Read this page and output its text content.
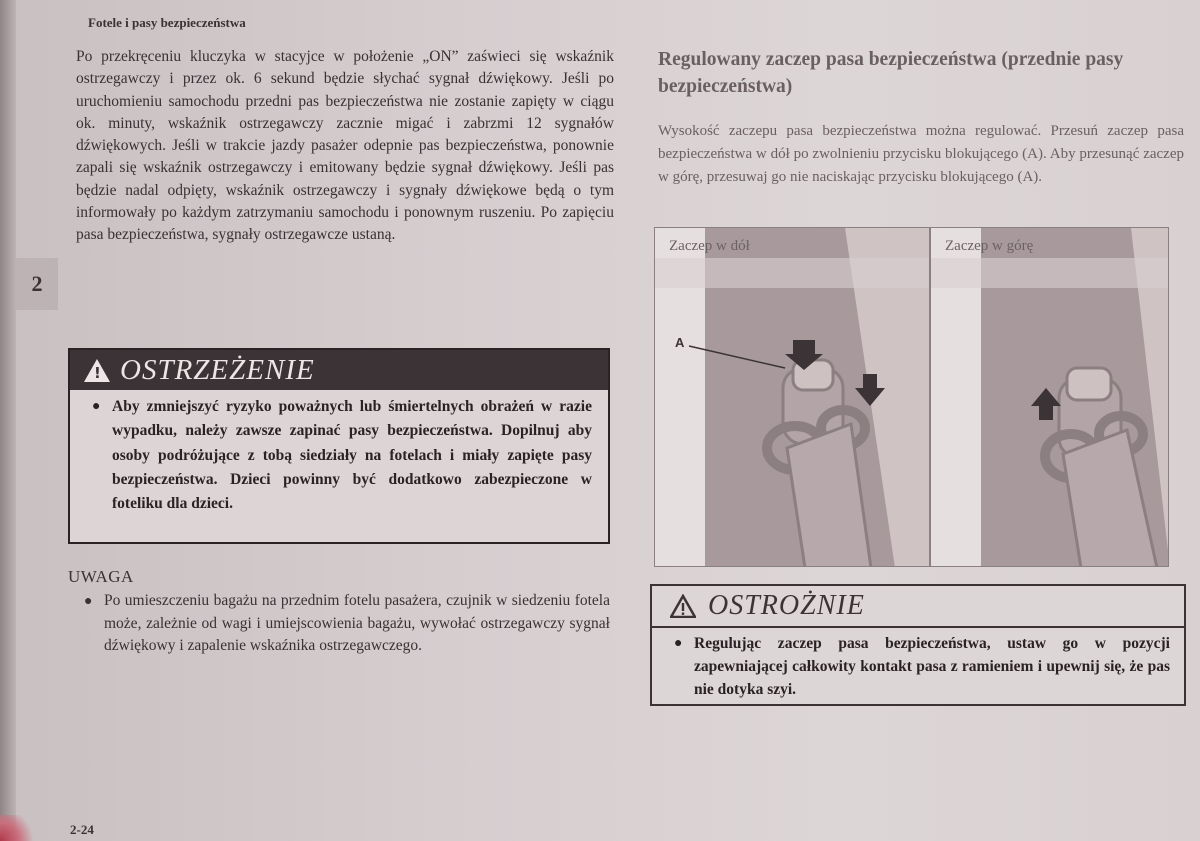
Fotele i pasy bezpieczeństwa
2

Po przekręceniu kluczyka w stacyjce w położenie „ON” zaświeci się wskaźnik ostrzegawczy i przez ok. 6 sekund będzie słychać sygnał dźwiękowy. Jeśli po uruchomieniu samochodu przedni pas bezpieczeństwa nie zostanie zapięty w ciągu ok. minuty, wskaźnik ostrzegawczy zacznie migać i zabrzmi 12 sygnałów dźwiękowych. Jeśli w trakcie jazdy pasażer odepnie pas bezpieczeństwa, ponownie zapali się wskaźnik ostrzegawczy i emitowany będzie sygnał dźwiękowy. Jeśli pas będzie nadal odpięty, wskaźnik ostrzegawczy i sygnały dźwiękowe będą o tym informowały po każdym zatrzymaniu samochodu i ponownym ruszeniu. Po zapięciu pasa bezpieczeństwa, sygnały ostrzegawcze ustaną.

!
OSTRZEŻENIE
● Aby zmniejszyć ryzyko poważnych lub śmiertelnych obrażeń w razie wypadku, należy zawsze zapinać pasy bezpieczeństwa. Dopilnuj aby osoby podróżujące z tobą siedziały na fotelach i miały zapięte pasy bezpieczeństwa. Dzieci powinny być dodatkowo zabezpieczone w foteliku dla dzieci.

UWAGA
● Po umieszczeniu bagażu na przednim fotelu pasażera, czujnik w siedzeniu fotela może, zależnie od wagi i umiejscowienia bagażu, wywołać ostrzegawczy sygnał dźwiękowy i zapalenie wskaźnika ostrzegawczego.

Regulowany zaczep pasa bezpieczeństwa (przednie pasy bezpieczeństwa)

Wysokość zaczepu pasa bezpieczeństwa można regulować. Przesuń zaczep pasa bezpieczeństwa w dół po zwolnieniu przycisku blokującego (A). Aby przesunąć zaczep w górę, przesuwaj go nie naciskając przycisku blokującego (A).

Zaczep w dół
A
Zaczep w górę
OSTROŻNIE
● Regulując zaczep pasa bezpieczeństwa, ustaw go w pozycji zapewniającej całkowity kontakt pasa z ramieniem i upewnij się, że pas nie dotyka szyi.

2-24
